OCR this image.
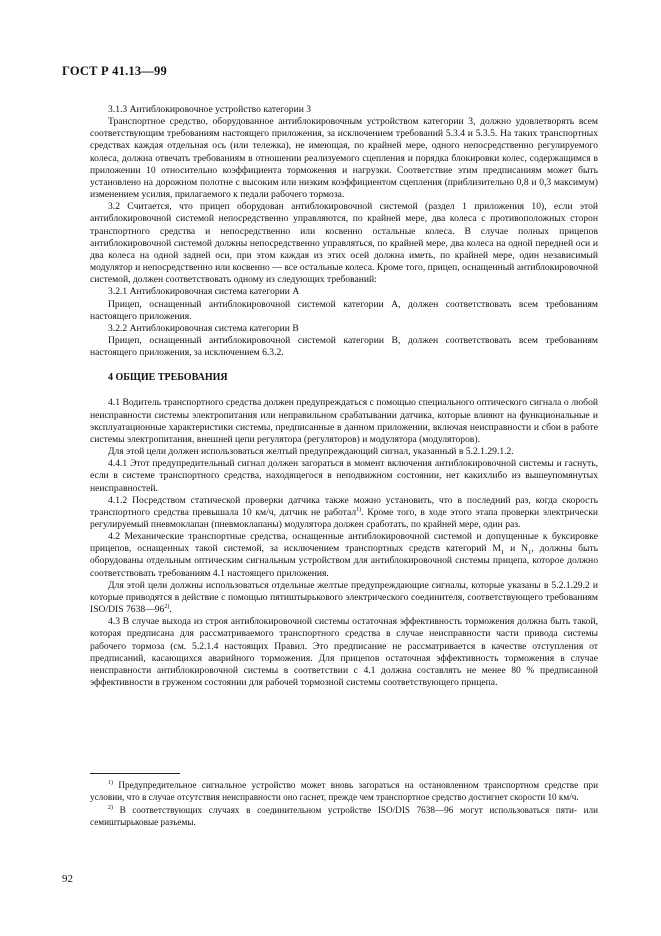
ГОСТ Р 41.13—99

3.1.3 Антиблокировочное устройство категории 3

Транспортное средство, оборудованное антиблокировочным устройством категории 3, должно удовлетворять всем соответствующим требованиям настоящего приложения, за исключением требований 5.3.4 и 5.3.5. На таких транспортных средствах каждая отдельная ось (или тележка), не имеющая, по крайней мере, одного непосредственно регулируемого колеса, должна отвечать требованиям в отношении реализуемого сцепления и порядка блокировки колес, содержащимся в приложении 10 относительно коэффициента торможения и нагрузки. Соответствие этим предписаниям может быть установлено на дорожном полотне с высоким или низким коэффициентом сцепления (приблизительно 0,8 и 0,3 максимум) изменением усилия, прилагаемого к педали рабочего тормоза.

3.2 Считается, что прицеп оборудован антиблокировочной системой (раздел 1 приложения 10), если этой антиблокировочной системой непосредственно управляются, по крайней мере, два колеса с противоположных сторон транспортного средства и непосредственно или косвенно остальные колеса. В случае полных прицепов антиблокировочной системой должны непосредственно управляться, по крайней мере, два колеса на одной передней оси и два колеса на одной задней оси, при этом каждая из этих осей должна иметь, по крайней мере, один независимый модулятор и непосредственно или косвенно — все остальные колеса. Кроме того, прицеп, оснащенный антиблокировочной системой, должен соответствовать одному из следующих требований:

3.2.1 Антиблокировочная система категории А

Прицеп, оснащенный антиблокировочной системой категории А, должен соответствовать всем требованиям настоящего приложения.

3.2.2 Антиблокировочная система категории В

Прицеп, оснащенный антиблокировочной системой категории В, должен соответствовать всем требованиям настоящего приложения, за исключением 6.3.2.

4 ОБЩИЕ ТРЕБОВАНИЯ

4.1 Водитель транспортного средства должен предупреждаться с помощью специального оптического сигнала о любой неисправности системы электропитания или неправильном срабатывании датчика, которые влияют на функциональные и эксплуатационные характеристики системы, предписанные в данном приложении, включая неисправности и сбои в работе системы электропитания, внешней цепи регулятора (регуляторов) и модулятора (модуляторов).

Для этой цели должен использоваться желтый предупреждающий сигнал, указанный в 5.2.1.29.1.2.

4.4.1 Этот предупредительный сигнал должен загораться в момент включения антиблокировочной системы и гаснуть, если в системе транспортного средства, находящегося в неподвижном состоянии, нет какихлибо из вышеупомянутых неисправностей.

4.1.2 Посредством статической проверки датчика также можно установить, что в последний раз, когда скорость транспортного средства превышала 10 км/ч, датчик не работал$^{1)}$. Кроме того, в ходе этого этапа проверки электрически регулируемый пневмоклапан (пневмоклапаны) модулятора должен сработать, по крайней мере, один раз.

4.2 Механические транспортные средства, оснащенные антиблокировочной системой и допущенные к буксировке прицепов, оснащенных такой системой, за исключением транспортных средств категорий $M_1$ и $N_1$, должны быть оборудованы отдельным оптическим сигнальным устройством для антиблокировочной системы прицепа, которое должно соответствовать требованиям 4.1 настоящего приложения.

Для этой цели должны использоваться отдельные желтые предупреждающие сигналы, которые указаны в 5.2.1.29.2 и которые приводятся в действие с помощью пятиштырькового электрического соединителя, соответствующего требованиям ISO/DIS 7638—96$^{2)}$.

4.3 В случае выхода из строя антиблокировочной системы остаточная эффективность торможения должна быть такой, которая предписана для рассматриваемого транспортного средства в случае неисправности части привода системы рабочего тормоза (см. 5.2.1.4 настоящих Правил. Это предписание не рассматривается в качестве отступления от предписаний, касающихся аварийного торможения. Для прицепов остаточная эффективность торможения в случае неисправности антиблокировочной системы в соответствии с 4.1 должна составлять не менее 80 % предписанной эффективности в груженом состоянии для рабочей тормозной системы соответствующего прицепа.

$^{1)}$ Предупредительное сигнальное устройство может вновь загораться на остановленном транспортном средстве при условии, что в случае отсутствия неисправности оно гаснет, прежде чем транспортное средство достигнет скорости 10 км/ч.

$^{2)}$ В соответствующих случаях в соединительном устройстве ISO/DIS 7638—96 могут использоваться пяти- или семиштырьковые разъемы.

92
